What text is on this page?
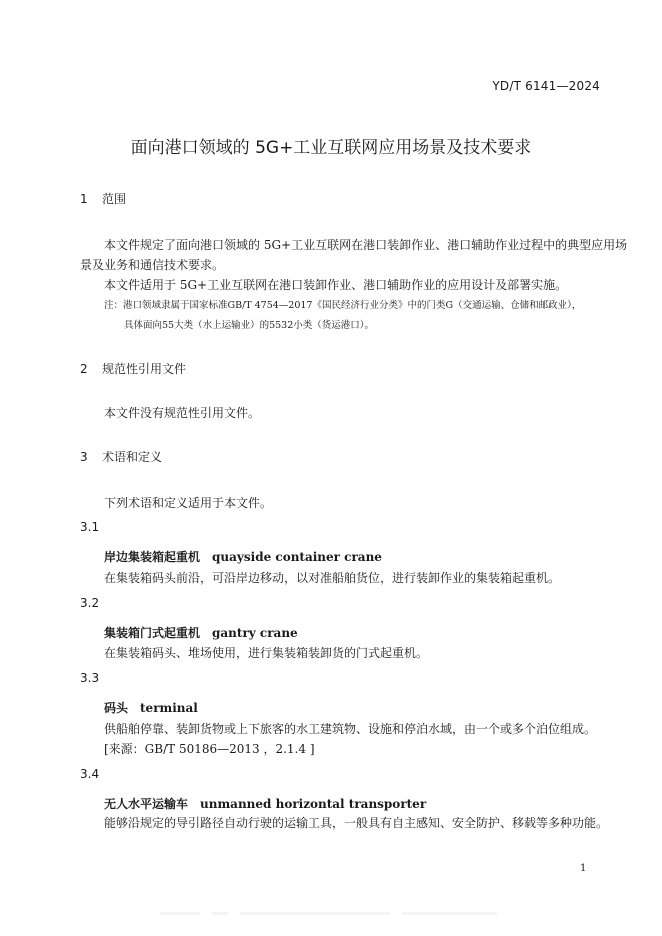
YD/T 6141—2024
面向港口领域的 5G+工业互联网应用场景及技术要求
1 范围
本文件规定了面向港口领域的 5G+工业互联网在港口装卸作业、港口辅助作业过程中的典型应用场
景及业务和通信技术要求。
本文件适用于 5G+工业互联网在港口装卸作业、港口辅助作业的应用设计及部署实施。
注：港口领域隶属于国家标准GB/T 4754—2017《国民经济行业分类》中的门类G（交通运输、仓储和邮政业），
具体面向55大类（水上运输业）的5532小类（货运港口）。
2 规范性引用文件
本文件没有规范性引用文件。
3 术语和定义
下列术语和定义适用于本文件。
3.1
岸边集装箱起重机 quayside container crane
在集装箱码头前沿，可沿岸边移动，以对准船舶货位，进行装卸作业的集装箱起重机。
3.2
集装箱门式起重机 gantry crane
在集装箱码头、堆场使用，进行集装箱装卸货的门式起重机。
3.3
码头 terminal
供船舶停靠、装卸货物或上下旅客的水工建筑物、设施和停泊水域，由一个或多个泊位组成。
[来源：GB/T 50186—2013 ，2.1.4 ]
3.4
无人水平运输车 unmanned horizontal transporter
能够沿规定的导引路径自动行驶的运输工具，一般具有自主感知、安全防护、移载等多种功能。
1
